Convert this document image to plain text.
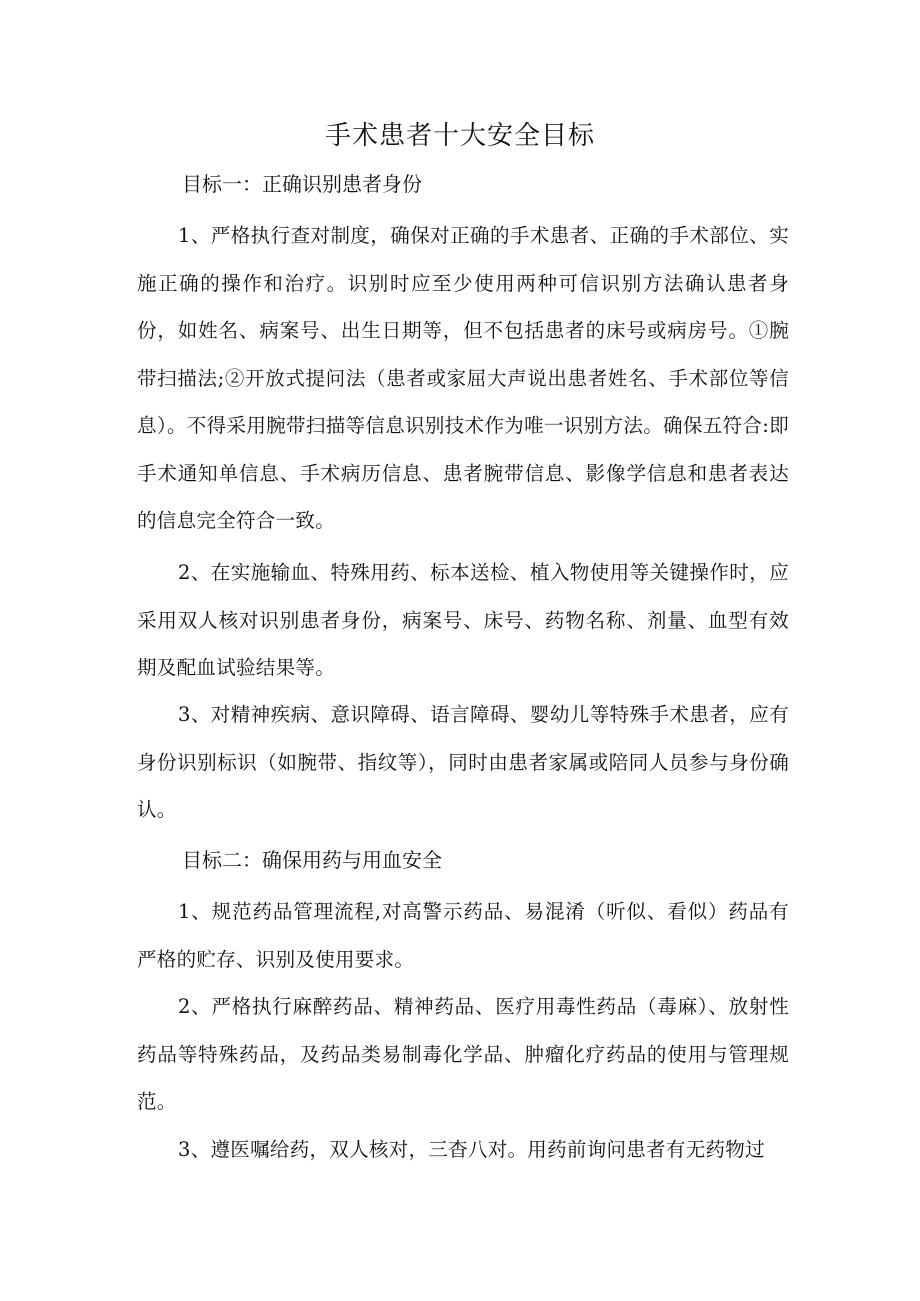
手术患者十大安全目标
目标一：正确识别患者身份

1、严格执行查对制度，确保对正确的手术患者、正确的手术部位、实施正确的操作和治疗。识别时应至少使用两种可信识别方法确认患者身份，如姓名、病案号、出生日期等，但不包括患者的床号或病房号。①腕带扫描法;②开放式提问法（患者或家屈大声说出患者姓名、手术部位等信息）。不得采用腕带扫描等信息识别技术作为唯一识别方法。确保五符合:即手术通知单信息、手术病历信息、患者腕带信息、影像学信息和患者表达的信息完全符合一致。

2、在实施输血、特殊用药、标本送检、植入物使用等关键操作时，应采用双人核对识别患者身份，病案号、床号、药物名称、剂量、血型有效期及配血试验结果等。

3、对精神疾病、意识障碍、语言障碍、婴幼儿等特殊手术患者，应有身份识别标识（如腕带、指纹等），同时由患者家属或陪同人员参与身份确认。

目标二：确保用药与用血安全

1、规范药品管理流程,对高警示药品、易混淆（听似、看似）药品有严格的贮存、识别及使用要求。

2、严格执行麻醉药品、精神药品、医疗用毒性药品（毒麻）、放射性药品等特殊药品，及药品类易制毒化学品、肿瘤化疗药品的使用与管理规范。

3、遵医嘱给药，双人核对，三杳八对。用药前询问患者有无药物过
